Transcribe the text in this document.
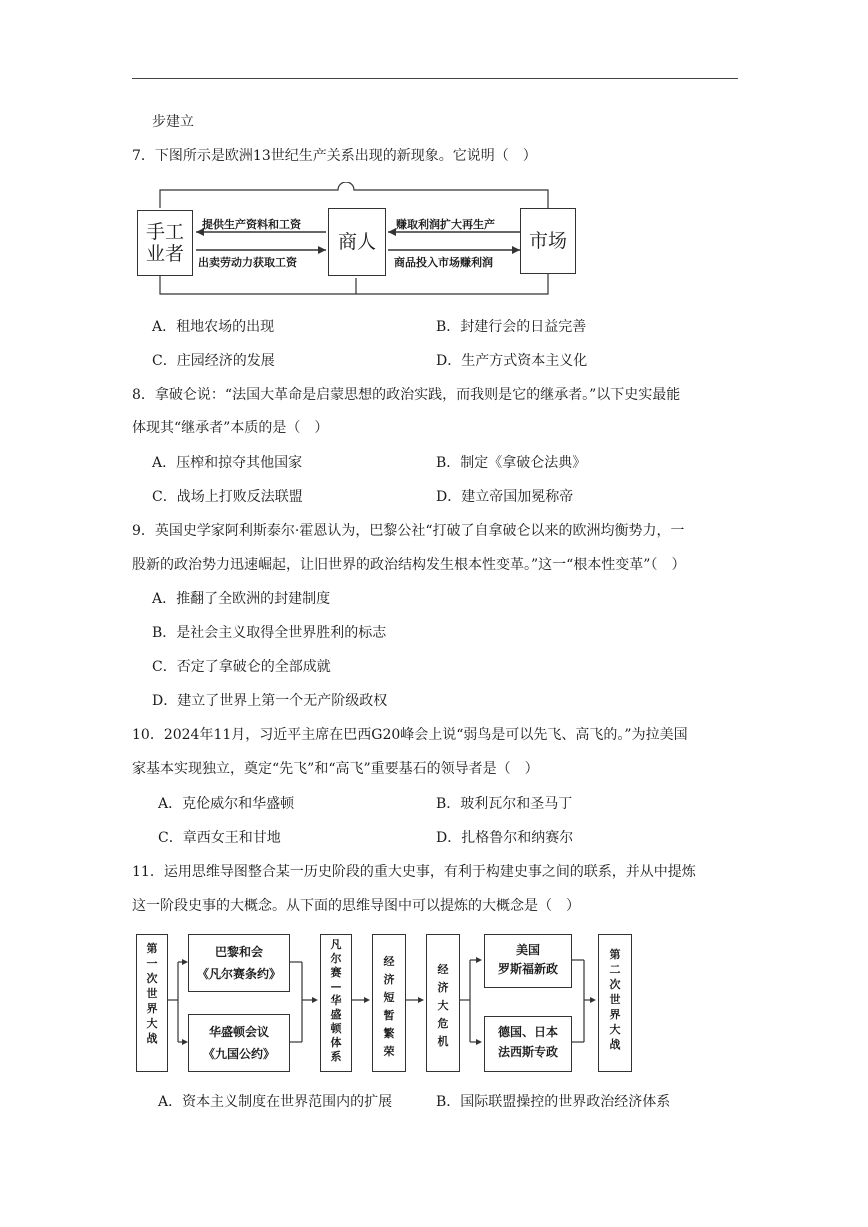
步建立
7．下图所示是欧洲13世纪生产关系出现的新现象。它说明（　）
手工业者
商人	市场
提供生产资料和工资
出卖劳动力获取工资
赚取利润扩大再生产
商品投入市场赚利润
A．租地农场的出现	B．封建行会的日益完善
C．庄园经济的发展	D．生产方式资本主义化
8．拿破仑说：“法国大革命是启蒙思想的政治实践，而我则是它的继承者。”以下史实最能
体现其“继承者”本质的是（　）
A．压榨和掠夺其他国家	B．制定《拿破仑法典》
C．战场上打败反法联盟	D．建立帝国加冕称帝
9．英国史学家阿利斯泰尔·霍恩认为，巴黎公社“打破了自拿破仑以来的欧洲均衡势力，一
股新的政治势力迅速崛起，让旧世界的政治结构发生根本性变革。”这一“根本性变革”（　）
A．推翻了全欧洲的封建制度
B．是社会主义取得全世界胜利的标志
C．否定了拿破仑的全部成就
D．建立了世界上第一个无产阶级政权
10．2024年11月，习近平主席在巴西G20峰会上说“弱鸟是可以先飞、高飞的。”为拉美国
家基本实现独立，奠定“先飞”和“高飞”重要基石的领导者是（　）
A．克伦威尔和华盛顿	B．玻利瓦尔和圣马丁
C．章西女王和甘地	D．扎格鲁尔和纳赛尔
11．运用思维导图整合某一历史阶段的重大史事，有利于构建史事之间的联系，并从中提炼
这一阶段史事的大概念。从下面的思维导图中可以提炼的大概念是（　）
第一次世界大战
巴黎和会
《凡尔赛条约》
华盛顿会议
《九国公约》
凡尔赛—华盛顿体系
经济短暂繁荣
经济大危机
美国
罗斯福新政
德国、日本
法西斯专政
第二次世界大战
A．资本主义制度在世界范围内的扩展	B．国际联盟操控的世界政治经济体系
